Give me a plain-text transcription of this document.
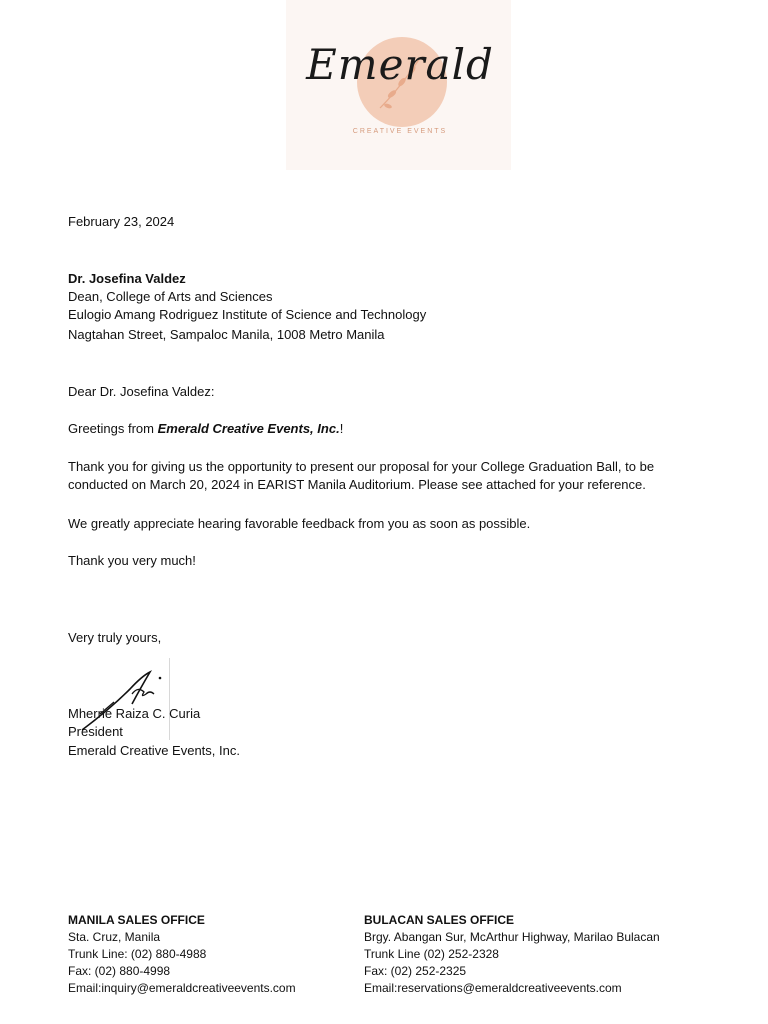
Emerald
CREATIVE EVENTS
February 23, 2024
Dr. Josefina Valdez
Dean, College of Arts and Sciences
Eulogio Amang Rodriguez Institute of Science and Technology
Nagtahan Street, Sampaloc Manila, 1008 Metro Manila
Dear Dr. Josefina Valdez:
Greetings from Emerald Creative Events, Inc.!
Thank you for giving us the opportunity to present our proposal for your College Graduation Ball, to be conducted on March 20, 2024 in EARIST Manila Auditorium. Please see attached for your reference.
We greatly appreciate hearing favorable feedback from you as soon as possible.
Thank you very much!
Very truly yours,
Mherrie Raiza C. Curia
President
Emerald Creative Events, Inc.
MANILA SALES OFFICE
Sta. Cruz, Manila
Trunk Line: (02) 880-4988
Fax: (02) 880-4998
Email:inquiry@emeraldcreativeevents.com
BULACAN SALES OFFICE
Brgy. Abangan Sur, McArthur Highway, Marilao Bulacan
Trunk Line (02) 252-2328
Fax: (02) 252-2325
Email:reservations@emeraldcreativeevents.com
